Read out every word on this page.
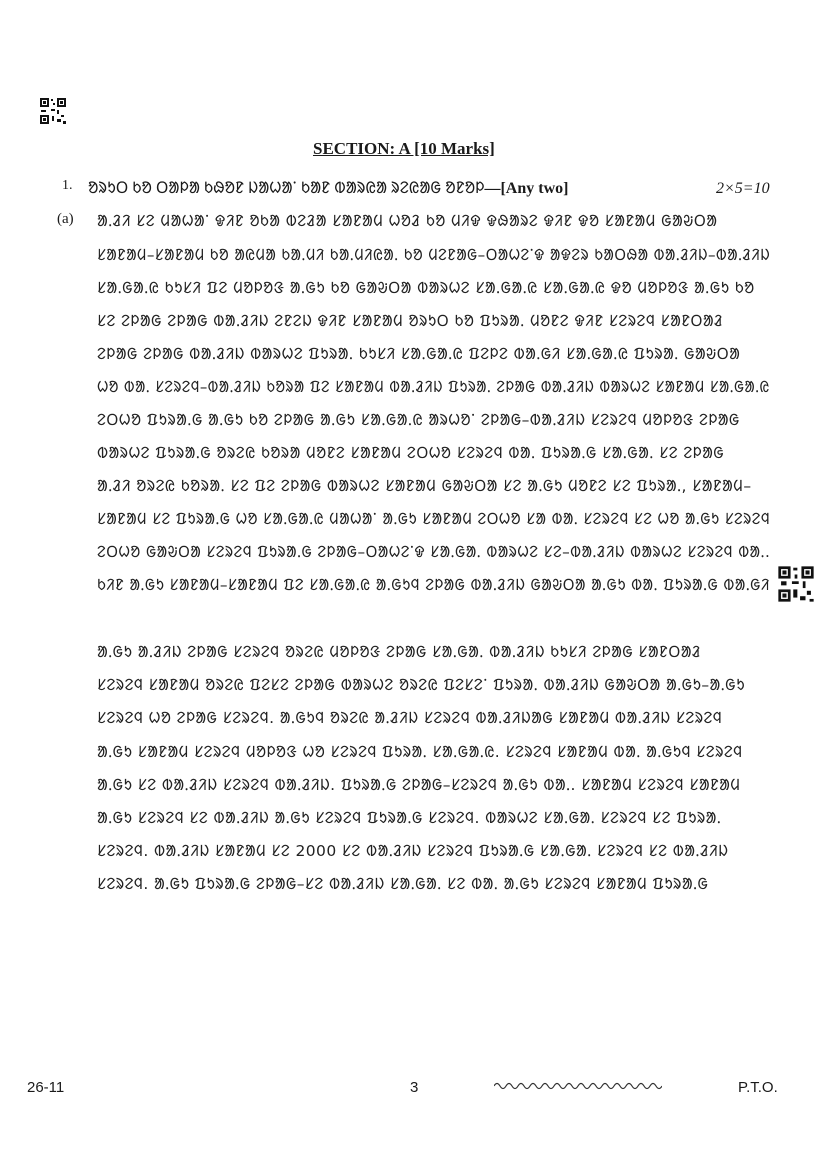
SECTION: A [10 Marks]
1. ᱚᱨᱩᱛ ᱠᱚ ᱛᱟᱞᱟ ᱠᱷᱚᱱ ᱡᱟᱦᱟᱸ ᱠᱟᱱ ᱵᱟᱨᱭᱟ ᱨᱮᱭᱟᱜ ᱚᱱᱚᱞ—[Any two]	2×5=10
(a) ᱟᱹᱲᱤ ᱥᱮ ᱢᱟᱦᱟᱸ ᱫᱤᱱ ᱚᱠᱟ ᱵᱮᱲᱟ ᱥᱟᱱᱟᱢ ᱦᱚᱲ ᱠᱚ ᱢᱤᱫ ᱫᱷᱟᱨᱮ ᱫᱤᱱ ᱫᱚ ᱥᱟᱱᱟᱢ ᱜᱟᱶᱛᱟ
ᱥᱟᱱᱟᱢ–ᱥᱟᱱᱟᱢ ᱠᱚ ᱟᱭᱢᱟ ᱠᱟᱹᱢᱤ ᱠᱟᱹᱢᱤᱭᱟᱹ ᱠᱚ ᱢᱮᱱᱟᱜ–ᱛᱟᱦᱮᱸᱫ ᱟᱫᱮᱨ ᱠᱟᱛᱷᱟ ᱵᱟᱹᱲᱤᱡ–ᱵᱟᱹᱲᱤᱡ
ᱥᱟᱹᱜᱟᱹᱭ ᱠᱩᱥᱤ ᱯᱮ ᱢᱚᱞᱚᱝ ᱟᱹᱜᱩ ᱠᱚ ᱜᱟᱶᱛᱟ ᱵᱟᱨᱦᱮ ᱥᱟᱹᱜᱟᱹᱭ ᱥᱟᱹᱜᱟᱹᱭ ᱫᱚ ᱢᱚᱞᱚᱝ ᱟᱹᱜᱩ ᱠᱚ
ᱥᱮ ᱮᱞᱟᱜ ᱮᱞᱟᱜ ᱵᱟᱹᱲᱤᱡ ᱮᱱᱮᱡ ᱫᱤᱱ ᱥᱟᱱᱟᱢ ᱚᱨᱩᱛ ᱠᱚ ᱯᱩᱨᱟᱹ ᱢᱚᱱᱮ ᱫᱤᱱ ᱥᱮᱨᱮᱧ ᱥᱟᱱᱛᱟᱲ
ᱮᱞᱟᱜ ᱮᱞᱟᱜ ᱵᱟᱹᱲᱤᱡ ᱵᱟᱨᱦᱮ ᱯᱩᱨᱟᱹ ᱠᱩᱥᱤ ᱥᱟᱹᱜᱟᱹᱭ ᱯᱮᱞᱮ ᱵᱟᱹᱜᱤ ᱥᱟᱹᱜᱟᱹᱭ ᱯᱩᱨᱟᱹ ᱜᱟᱶᱛᱟ
ᱦᱚ ᱵᱟᱹ ᱥᱮᱨᱮᱧ–ᱵᱟᱹᱲᱤᱡ ᱠᱚᱨᱟ ᱯᱮ ᱥᱟᱱᱟᱢ ᱵᱟᱹᱲᱤᱡ ᱯᱩᱨᱟᱹ ᱮᱞᱟᱜ ᱵᱟᱹᱲᱤᱡ ᱵᱟᱨᱦᱮ ᱥᱟᱱᱟᱢ ᱥᱟᱹᱜᱟᱹᱭ
ᱮᱛᱦᱚ ᱯᱩᱨᱟᱹᱜ ᱟᱹᱜᱩ ᱠᱚ ᱮᱞᱟᱜ ᱟᱹᱜᱩ ᱥᱟᱹᱜᱟᱹᱭ ᱟᱨᱦᱚᱸ ᱮᱞᱟᱜ–ᱵᱟᱹᱲᱤᱡ ᱥᱮᱨᱮᱧ ᱢᱚᱞᱚᱝ ᱮᱞᱟᱜ
ᱵᱟᱨᱦᱮ ᱯᱩᱨᱟᱹᱜ ᱚᱨᱮᱭ ᱠᱚᱨᱟ ᱢᱚᱱᱮ ᱥᱟᱱᱟᱢ ᱮᱛᱦᱚ ᱥᱮᱨᱮᱧ ᱵᱟᱹ ᱯᱩᱨᱟᱹᱜ ᱥᱟᱹᱜᱟᱹ ᱥᱮ ᱮᱞᱟᱜ
ᱟᱹᱲᱤ ᱚᱨᱮᱭ ᱠᱚᱨᱟᱹ ᱥᱮ ᱯᱮ ᱮᱞᱟᱜ ᱵᱟᱨᱦᱮ ᱥᱟᱱᱟᱢ ᱜᱟᱶᱛᱟ ᱥᱮ ᱟᱹᱜᱩ ᱢᱚᱱᱮ ᱥᱮ ᱯᱩᱨᱟᱹ, ᱥᱟᱱᱟᱢ–
ᱥᱟᱱᱟᱢ ᱥᱮ ᱯᱩᱨᱟᱹᱜ ᱦᱚ ᱥᱟᱹᱜᱟᱹᱭ ᱢᱟᱦᱟᱸ ᱟᱹᱜᱩ ᱥᱟᱱᱟᱢ ᱮᱛᱦᱚ ᱥᱟ ᱵᱟᱹ ᱥᱮᱨᱮᱧ ᱥᱮ ᱦᱚ ᱟᱹᱜᱩ ᱥᱮᱨᱮᱧ
ᱮᱛᱦᱚ ᱜᱟᱶᱛᱟ ᱥᱮᱨᱮᱧ ᱯᱩᱨᱟᱹᱜ ᱮᱞᱟᱜ–ᱛᱟᱦᱮᱸᱫ ᱥᱟᱹᱜᱟᱹ ᱵᱟᱨᱦᱮ ᱥᱮ–ᱵᱟᱹᱲᱤᱡ ᱵᱟᱨᱦᱮ ᱥᱮᱨᱮᱧ ᱵᱟᱹ.
ᱠᱤᱱ ᱟᱹᱜᱩ ᱥᱟᱱᱟᱢ–ᱥᱟᱱᱟᱢ ᱯᱮ ᱥᱟᱹᱜᱟᱹᱭ ᱟᱹᱜᱩᱧ ᱮᱞᱟᱜ ᱵᱟᱹᱲᱤᱡ ᱜᱟᱶᱛᱟ ᱟᱹᱜᱩ ᱵᱟᱹ ᱯᱩᱨᱟᱹᱜ ᱵᱟᱹᱜᱤ
ᱟᱹᱜᱩ ᱟᱹᱲᱤᱡ ᱮᱞᱟᱜ ᱥᱮᱨᱮᱧ ᱚᱨᱮᱭ ᱢᱚᱞᱚᱝ ᱮᱞᱟᱜ ᱥᱟᱹᱜᱟᱹ ᱵᱟᱹᱲᱤᱡ ᱠᱩᱥᱤ ᱮᱞᱟᱜ ᱥᱟᱱᱛᱟᱲ
ᱥᱮᱨᱮᱧ ᱥᱟᱱᱟᱢ ᱚᱨᱮᱭ ᱯᱮᱥᱮ ᱮᱞᱟᱜ ᱵᱟᱨᱦᱮ ᱚᱨᱮᱭ ᱯᱮᱥᱮᱸ ᱯᱩᱨᱟᱹ ᱵᱟᱹᱲᱤᱡ ᱜᱟᱶᱛᱟ ᱟᱹᱜᱩ–ᱟᱹᱜᱩ
ᱥᱮᱨᱮᱧ ᱦᱚ ᱮᱞᱟᱜ ᱥᱮᱨᱮᱧ. ᱟᱹᱜᱩᱧ ᱚᱨᱮᱭ ᱟᱹᱲᱤᱡ ᱥᱮᱨᱮᱧ ᱵᱟᱹᱲᱤᱡᱟᱜ ᱥᱟᱱᱟᱢ ᱵᱟᱹᱲᱤᱡ ᱥᱮᱨᱮᱧ
ᱟᱹᱜᱩ ᱥᱟᱱᱟᱢ ᱥᱮᱨᱮᱧ ᱢᱚᱞᱚᱝ ᱦᱚ ᱥᱮᱨᱮᱧ ᱯᱩᱨᱟᱹ ᱥᱟᱹᱜᱟᱹᱭ. ᱥᱮᱨᱮᱧ ᱥᱟᱱᱟᱢ ᱵᱟᱹ ᱟᱹᱜᱩᱧ ᱥᱮᱨᱮᱧ
ᱟᱹᱜᱩ ᱥᱮ ᱵᱟᱹᱲᱤᱡ ᱥᱮᱨᱮᱧ ᱵᱟᱹᱲᱤᱡ. ᱯᱩᱨᱟᱹᱜ ᱮᱞᱟᱜ–ᱥᱮᱨᱮᱧ ᱟᱹᱜᱩ ᱵᱟᱹ. ᱥᱟᱱᱟᱢ ᱥᱮᱨᱮᱧ ᱥᱟᱱᱟᱢ
ᱟᱹᱜᱩ ᱥᱮᱨᱮᱧ ᱥᱮ ᱵᱟᱹᱲᱤᱡ ᱟᱹᱜᱩ ᱥᱮᱨᱮᱧ ᱯᱩᱨᱟᱹᱜ ᱥᱮᱨᱮᱧ. ᱵᱟᱨᱦᱮ ᱥᱟᱹᱜᱟᱹ ᱥᱮᱨᱮᱧ ᱥᱮ ᱯᱩᱨᱟᱹ
ᱥᱮᱨᱮᱧ. ᱵᱟᱹᱲᱤᱡ ᱥᱟᱱᱟᱢ ᱥᱮ 2000 ᱥᱮ ᱵᱟᱹᱲᱤᱡ ᱥᱮᱨᱮᱧ ᱯᱩᱨᱟᱹᱜ ᱥᱟᱹᱜᱟᱹ ᱥᱮᱨᱮᱧ ᱥᱮ ᱵᱟᱹᱲᱤᱡ
ᱥᱮᱨᱮᱧ. ᱟᱹᱜᱩ ᱯᱩᱨᱟᱹᱜ ᱮᱞᱟᱜ–ᱥᱮ ᱵᱟᱹᱲᱤᱡ ᱥᱟᱹᱜᱟᱹ ᱥᱮ ᱵᱟᱹ ᱟᱹᱜᱩ ᱥᱮᱨᱮᱧ ᱥᱟᱱᱟᱢ ᱯᱩᱨᱟᱹᱜ
26-11	3	P.T.O.
